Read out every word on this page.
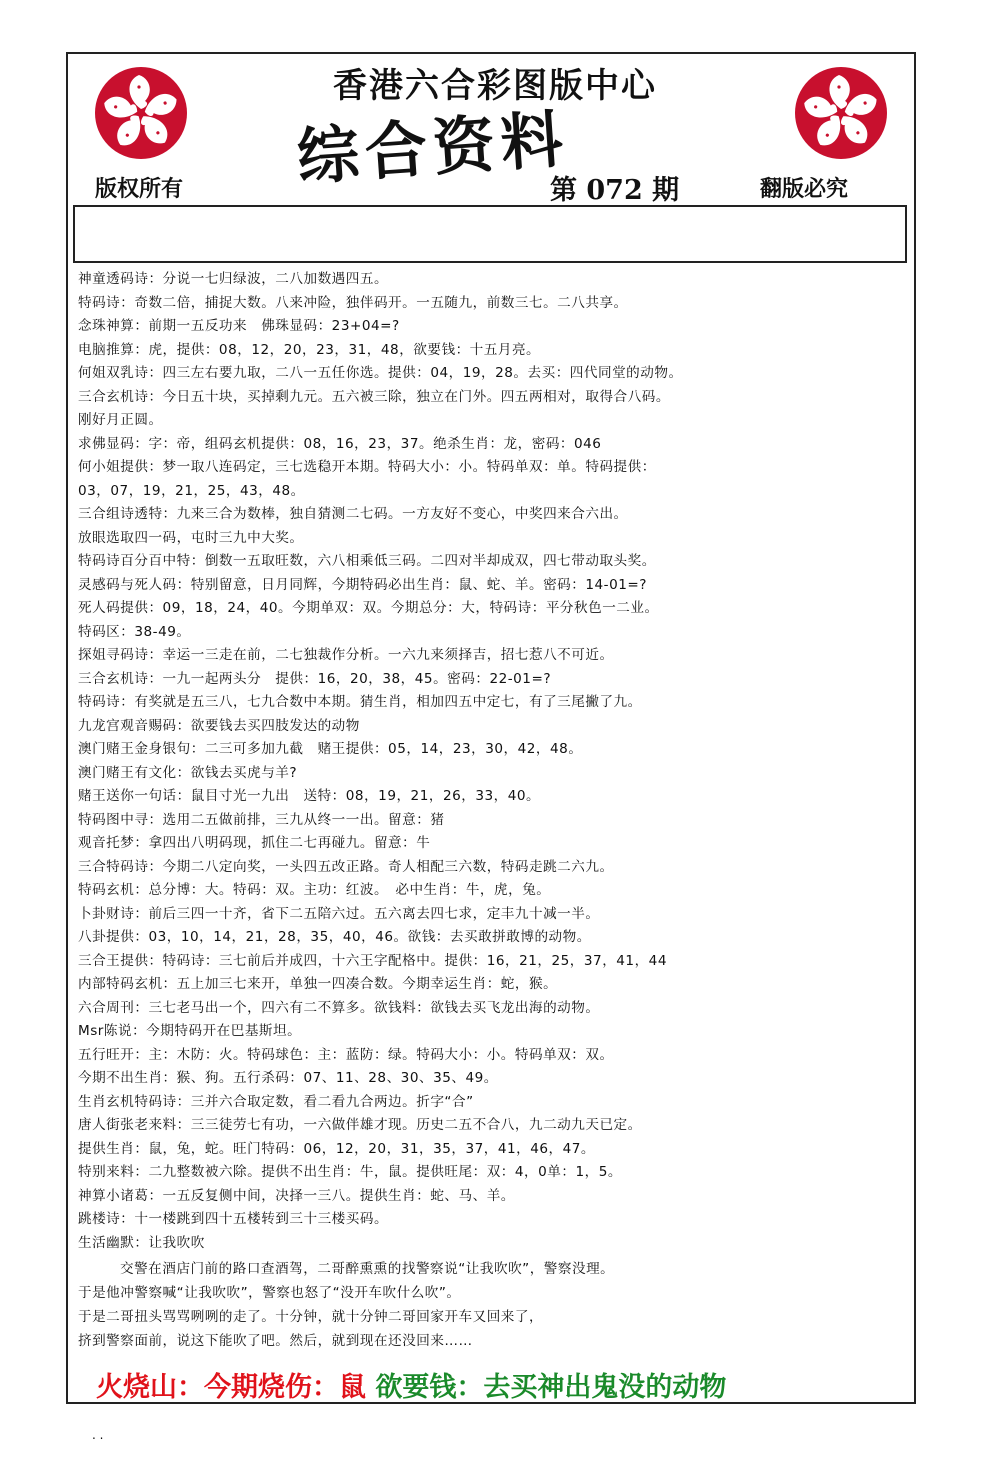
香港六合彩图版中心
综合资料
第 072 期
版权所有	翻版必究
神童透码诗：分说一七归绿波，二八加数遇四五。
特码诗：奇数二倍，捕捉大数。八来冲险，独伴码开。一五随九，前数三七。二八共享。
念珠神算：前期一五反功来　佛珠显码：23+04=?
电脑推算：虎，提供：08，12，20，23，31，48，欲要钱：十五月亮。
何姐双乳诗：四三左右要九取，二八一五任你选。提供：04，19，28。去买：四代同堂的动物。
三合玄机诗：今日五十块，买掉剩九元。五六被三除，独立在门外。四五两相对，取得合八码。
刚好月正圆。
求佛显码：字：帝，组码玄机提供：08，16，23，37。绝杀生肖：龙，密码：046
何小姐提供：梦一取八连码定，三七选稳开本期。特码大小：小。特码单双：单。特码提供：
03，07，19，21，25，43，48。
三合组诗透特：九来三合为数棒，独自猜测二七码。一方友好不变心，中奖四来合六出。
放眼选取四一码，屯时三九中大奖。
特码诗百分百中特：倒数一五取旺数，六八相乘低三码。二四对半却成双，四七带动取头奖。
灵感码与死人码：特别留意，日月同辉，今期特码必出生肖：鼠、蛇、羊。密码：14-01=?
死人码提供：09，18，24，40。今期单双：双。今期总分：大，特码诗：平分秋色一二业。
特码区：38-49。
探姐寻码诗：幸运一三走在前，二七独裁作分析。一六九来须择吉，招七惹八不可近。
三合玄机诗：一九一起两头分　提供：16，20，38，45。密码：22-01=?
特码诗：有奖就是五三八，七九合数中本期。猜生肖，相加四五中定七，有了三尾撇了九。
九龙宫观音赐码：欲要钱去买四肢发达的动物
澳门赌王金身银句：二三可多加九截　赌王提供：05，14，23，30，42，48。
澳门赌王有文化：欲钱去买虎与羊?
赌王送你一句话：鼠目寸光一九出　送特：08，19，21，26，33，40。
特码图中寻：选用二五做前排，三九从终一一出。留意：猪
观音托梦：拿四出八明码现，抓住二七再碰九。留意：牛
三合特码诗：今期二八定向奖，一头四五改正路。奇人相配三六数，特码走跳二六九。
特码玄机：总分博：大。特码：双。主功：红波。　必中生肖：牛，虎，兔。
卜卦财诗：前后三四一十齐，省下二五陪六过。五六离去四七求，定丰九十减一半。
八卦提供：03，10，14，21，28，35，40，46。欲钱：去买敢拼敢博的动物。
三合王提供：特码诗：三七前后并成四，十六王字配格中。提供：16，21，25，37，41，44
内部特码玄机：五上加三七来开，单独一四凑合数。今期幸运生肖：蛇，猴。
六合周刊：三七老马出一个，四六有二不算多。欲钱料：欲钱去买飞龙出海的动物。
Msr陈说：今期特码开在巴基斯坦。
五行旺开：主：木防：火。特码球色：主：蓝防：绿。特码大小：小。特码单双：双。
今期不出生肖：猴、狗。五行杀码：07、11、28、30、35、49。
生肖玄机特码诗：三并六合取定数，看二看九合两边。折字“合”
唐人街张老来料：三三徒劳七有功，一六做伴雄才现。历史二五不合八，九二动九天已定。
提供生肖：鼠，兔，蛇。旺门特码：06，12，20，31，35，37，41，46，47。
特别来料：二九整数被六除。提供不出生肖：牛，鼠。提供旺尾：双：4，0单：1，5。
神算小诸葛：一五反复侧中间，决择一三八。提供生肖：蛇、马、羊。
跳楼诗：十一楼跳到四十五楼转到三十三楼买码。
生活幽默：让我吹吹
交警在酒店门前的路口查酒驾，二哥醉熏熏的找警察说“让我吹吹”，警察没理。
于是他冲警察喊“让我吹吹”，警察也怒了“没开车吹什么吹”。
于是二哥扭头骂骂咧咧的走了。十分钟，就十分钟二哥回家开车又回来了，
挤到警察面前，说这下能吹了吧。然后，就到现在还没回来……
火烧山：今期烧伤：鼠 欲要钱：去买神出鬼没的动物
. .
